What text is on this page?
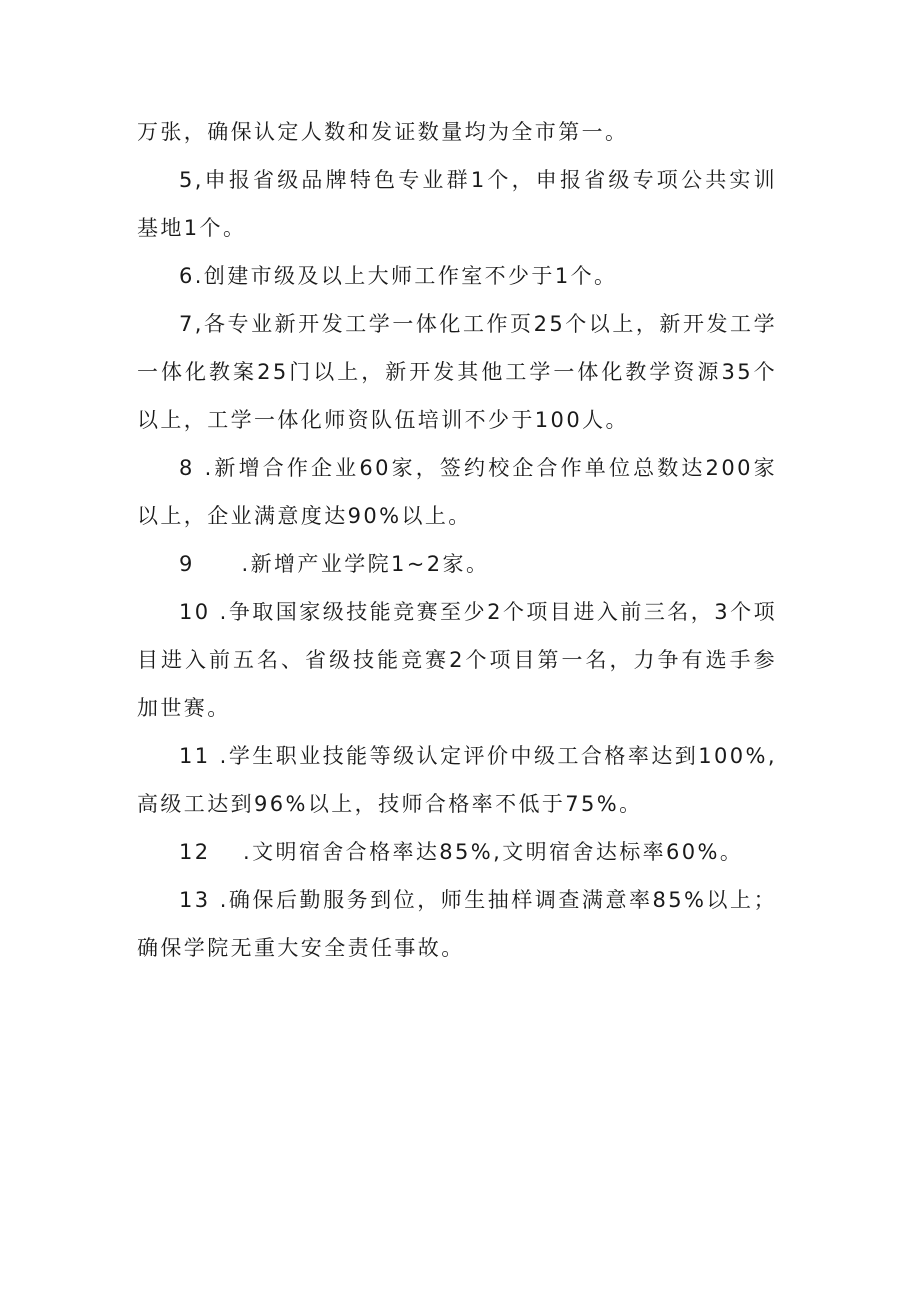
万张，确保认定人数和发证数量均为全市第一。

5,申报省级品牌特色专业群1个，申报省级专项公共实训基地1个。

6.创建市级及以上大师工作室不少于1个。

7,各专业新开发工学一体化工作页25个以上，新开发工学一体化教案25门以上，新开发其他工学一体化教学资源35个以上，工学一体化师资队伍培训不少于100人。

8 .新增合作企业60家，签约校企合作单位总数达200家以上，企业满意度达90%以上。

9　　.新增产业学院1~2家。

10 .争取国家级技能竞赛至少2个项目进入前三名，3个项目进入前五名、省级技能竞赛2个项目第一名，力争有选手参加世赛。

11 .学生职业技能等级认定评价中级工合格率达到100%,高级工达到96%以上，技师合格率不低于75%。

12　 .文明宿舍合格率达85%,文明宿舍达标率60%。

13 .确保后勤服务到位，师生抽样调查满意率85%以上；确保学院无重大安全责任事故。
